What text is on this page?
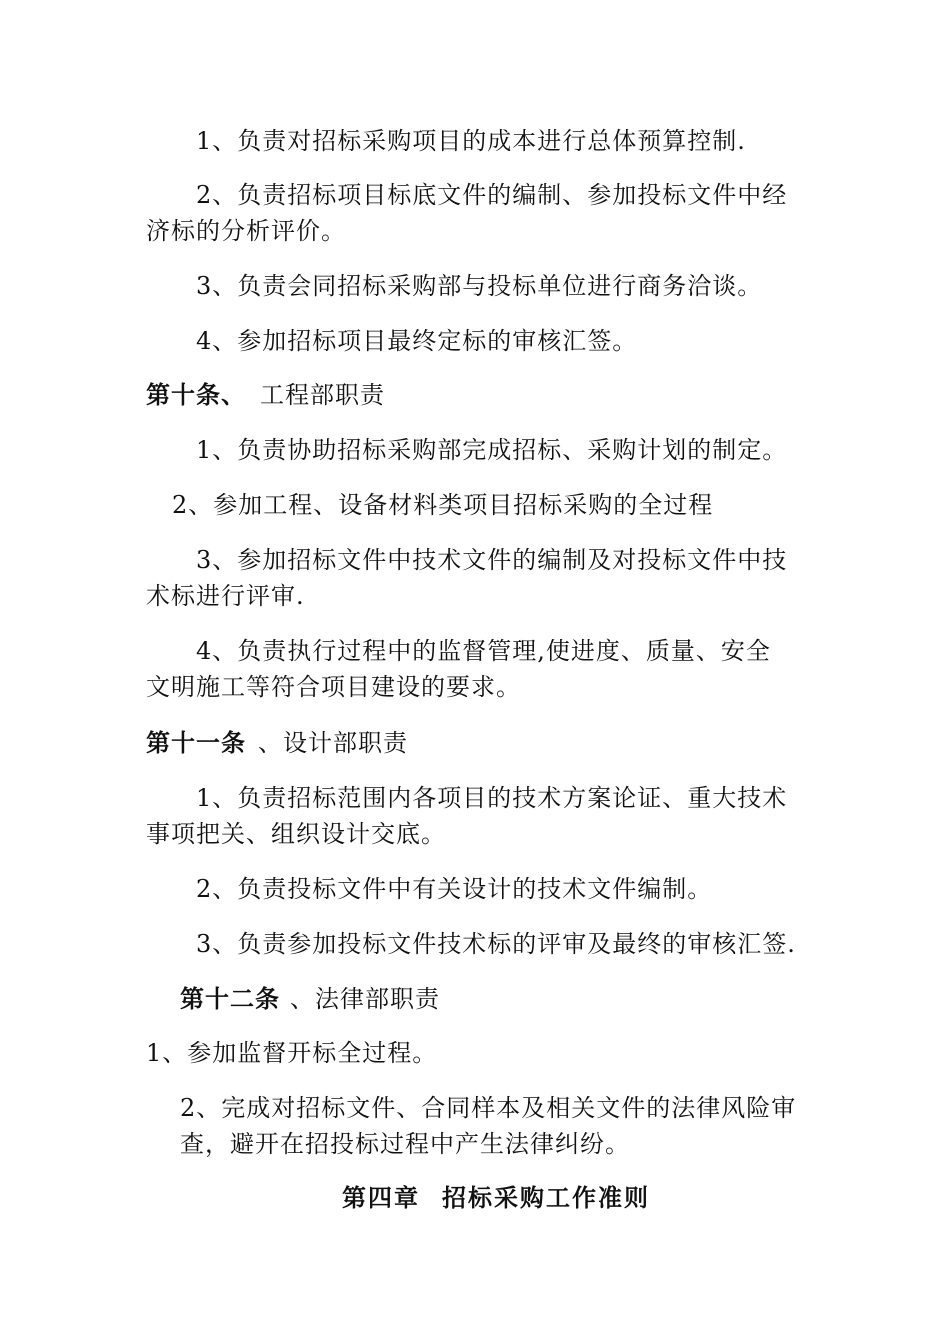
1、负责对招标采购项目的成本进行总体预算控制.

2、负责招标项目标底文件的编制、参加投标文件中经

济标的分析评价。

3、负责会同招标采购部与投标单位进行商务洽谈。

4、参加招标项目最终定标的审核汇签。

第十条、 工程部职责

1、负责协助招标采购部完成招标、采购计划的制定。

2、参加工程、设备材料类项目招标采购的全过程

3、参加招标文件中技术文件的编制及对投标文件中技

术标进行评审.

4、负责执行过程中的监督管理,使进度、质量、安全

文明施工等符合项目建设的要求。

第十一条 、设计部职责

1、负责招标范围内各项目的技术方案论证、重大技术

事项把关、组织设计交底。

2、负责投标文件中有关设计的技术文件编制。

3、负责参加投标文件技术标的评审及最终的审核汇签.

第十二条 、法律部职责

1、参加监督开标全过程。

2、完成对招标文件、合同样本及相关文件的法律风险审

查，避开在招投标过程中产生法律纠纷。

第四章 招标采购工作准则
